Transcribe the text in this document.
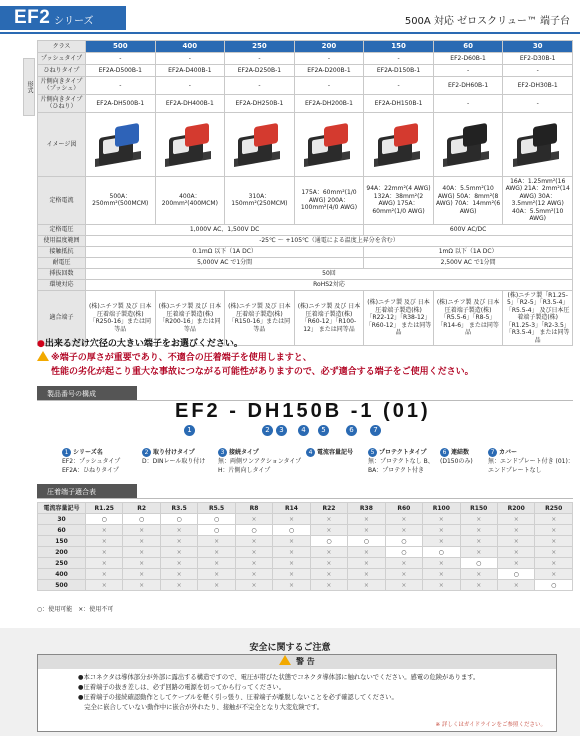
EF2 シリーズ	500A 対応 ゼロスクリュー™ 端子台
形式
クラス	500	400	250	200	150	60	30
プッシュタイプ	-	-	-	-	-	EF2-D60B-1	EF2-D30B-1
ひねりタイプ	EF2A-D500B-1	EF2A-D400B-1	EF2A-D250B-1	EF2A-D200B-1	EF2A-D150B-1	-	-
片側向きタイプ（プッシュ）	-	-	-	-	-	EF2-DH60B-1	EF2-DH30B-1
片側向きタイプ（ひねり）	EF2A-DH500B-1	EF2A-DH400B-1	EF2A-DH250B-1	EF2A-DH200B-1	EF2A-DH150B-1	-	-
イメージ図	

定格電流	500A：250mm²(500MCM)	400A：200mm²(400MCM)	310A：150mm²(250MCM)	175A：60mm²(1/0 AWG) 200A：100mm²(4/0 AWG)	94A：22mm²(4 AWG) 132A：38mm²(2 AWG) 175A：60mm²(1/0 AWG)	40A：5.5mm²(10 AWG) 50A：8mm²(8 AWG) 70A：14mm²(6 AWG)	16A：1.25mm²(16 AWG) 21A：2mm²(14 AWG) 30A：3.5mm²(12 AWG) 40A：5.5mm²(10 AWG)
定格電圧	1,000V AC、1,500V DC				600V AC/DC		
使用温度範囲	-25℃ ～ +105℃（通電による温度上昇分を含む）						
接触抵抗	0.1mΩ 以下（1A DC）				1mΩ 以下（1A DC）		
耐電圧	5,000V AC で1分間				2,500V AC で1分間		
挿抜回数	50回						
環境対応	RoHS2対応						
適合端子	(株)ニチフ製 及び 日本圧着端子製造(株) 「R250-16」または同等品	(株)ニチフ製 及び 日本圧着端子製造(株) 「R200-16」または同等品	(株)ニチフ製 及び 日本圧着端子製造(株) 「R150-16」または同等品	(株)ニチフ製 及び 日本圧着端子製造(株) 「R60-12」「R100-12」 または同等品	(株)ニチフ製 及び 日本圧着端子製造(株) 「R22-12」「R38-12」「R60-12」 または同等品	(株)ニチフ製 及び 日本圧着端子製造(株) 「R5.5-6」「R8-5」「R14-6」 または同等品	(株)ニチフ製「R1.25-5」「R2-5」「R3.5-4」「R5.5-4」 及び日本圧着端子製造(株) 「R1.25-3」「R2-3.5」「R3.5-4」 または同等品
●出来るだけ穴径の大きい端子をお選びください。
※端子の厚さが重要であり、不適合の圧着端子を使用しますと、
性能の劣化が起こり重大な事故につながる可能性がありますので、必ず適合する端子をご使用ください。
製品番号の構成
EF2 - DH150B -1 (01)
1	2	3	4	5	6	7
1 シリーズ名
EF2：プッシュタイプ EF2A：ひねりタイプ
2 取り付けタイプ
D：DINレール取り付け
3 接続タイプ
無：両側ワンアクションタイプ H：片側向しタイプ
4 電流容量記号	5 プロテクトタイプ
無：プロテクトなし B、BA：プロテクト付き
6 連結数
(D150のみ)
7 カバー
無：エンドプレート付き (01)：エンドプレートなし
圧着端子適合表
電流容量記号	R1.25	R2	R3.5	R5.5	R8	R14	R22	R38	R60	R100	R150	R200	R250
30	○	○	○	○	×	×	×	×	×	×	×	×	×
60	×	×	×	○	○	○	×	×	×	×	×	×	×
150	×	×	×	×	×	×	○	○	○	×	×	×	×
200	×	×	×	×	×	×	×	×	○	○	×	×	×
250	×	×	×	×	×	×	×	×	×	×	○	×	×
400	×	×	×	×	×	×	×	×	×	×	×	○	×
500	×	×	×	×	×	×	×	×	×	×	×	×	○
○：使用可能　×：使用不可
安全に関するご注意
警 告
●本コネクタは導体部分が外部に露出する構造ですので、電圧が帯びた状態でコネクタ導体部に触れないでください。感電の危険があります。
●圧着端子の抜き差しは、必ず回路の電源を切ってから行ってください。
●圧着端子の接続確認動作としてケーブルを軽く引っ張り、圧着端子が離脱しないことを必ず確認してください。
　完全に嵌合していない動作中に嵌合が外れたり、接触が不完全となり大変危険です。
※ 詳しくはガイドラインをご参照ください。
